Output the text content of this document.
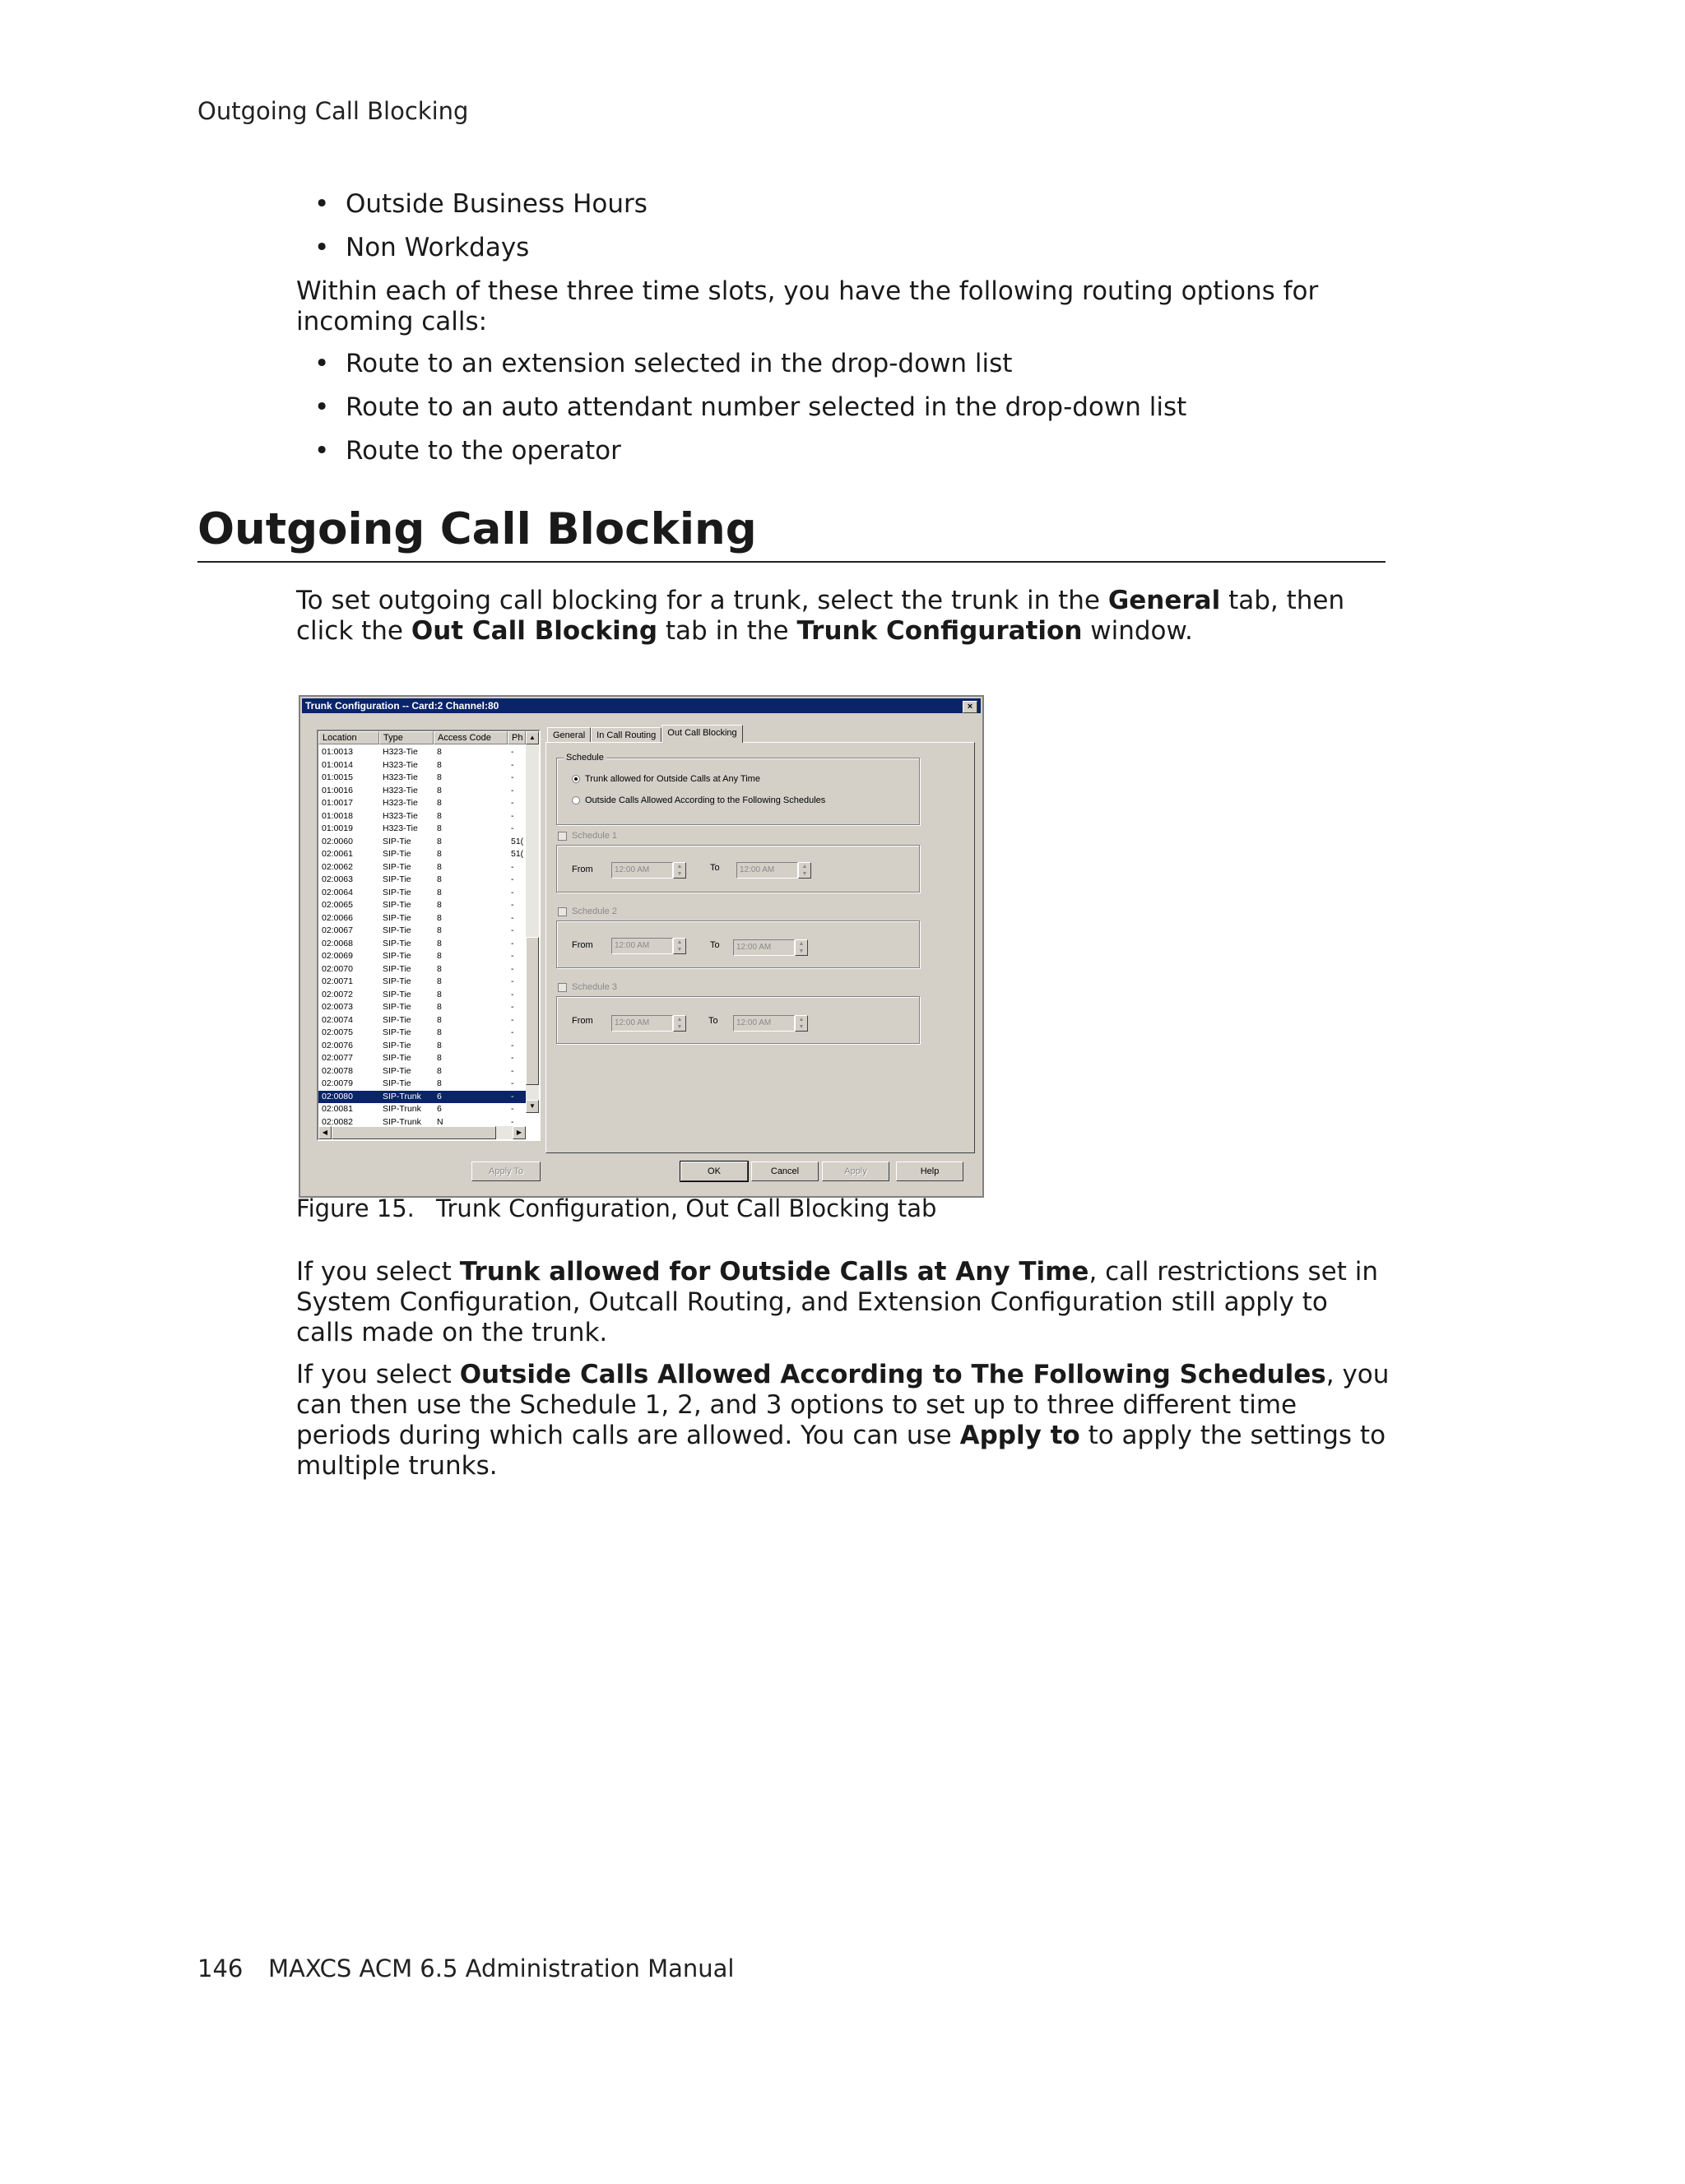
Outgoing Call Blocking
• Outside Business Hours
• Non Workdays
Within each of these three time slots, you have the following routing options for incoming calls:
• Route to an extension selected in the drop-down list
• Route to an auto attendant number selected in the drop-down list
• Route to the operator
Outgoing Call Blocking
To set outgoing call blocking for a trunk, select the trunk in the General tab, then click the Out Call Blocking tab in the Trunk Configuration window.
Trunk Configuration -- Card:2 Channel:80	×
Location	Type	Access Code	Ph
01:0013	H323-Tie	8	-
01:0014	H323-Tie	8	-
01:0015	H323-Tie	8	-
01:0016	H323-Tie	8	-
01:0017	H323-Tie	8	-
01:0018	H323-Tie	8	-
01:0019	H323-Tie	8	-
02:0060	SIP-Tie	8	51(
02:0061	SIP-Tie	8	51(
02:0062	SIP-Tie	8	-
02:0063	SIP-Tie	8	-
02:0064	SIP-Tie	8	-
02:0065	SIP-Tie	8	-
02:0066	SIP-Tie	8	-
02:0067	SIP-Tie	8	-
02:0068	SIP-Tie	8	-
02:0069	SIP-Tie	8	-
02:0070	SIP-Tie	8	-
02:0071	SIP-Tie	8	-
02:0072	SIP-Tie	8	-
02:0073	SIP-Tie	8	-
02:0074	SIP-Tie	8	-
02:0075	SIP-Tie	8	-
02:0076	SIP-Tie	8	-
02:0077	SIP-Tie	8	-
02:0078	SIP-Tie	8	-
02:0079	SIP-Tie	8	-
02:0080	SIP-Trunk	6	-
02:0081	SIP-Trunk	6	-
02:0082	SIP-Trunk	N	-
▲
▼
◀	▶
General	In Call Routing	Out Call Blocking
Schedule
Trunk allowed for Outside Calls at Any Time
Outside Calls Allowed According to the Following Schedules
Schedule 1
From	12:00 AM	▲
▼
To	12:00 AM	▲
▼
Schedule 2
From	12:00 AM	▲
▼	To	12:00 AM	▲
▼
Schedule 3
From	12:00 AM	▲
▼
To	12:00 AM	▲
▼
Apply To	OK	Cancel	Apply	Help
Figure 15. Trunk Configuration, Out Call Blocking tab
If you select Trunk allowed for Outside Calls at Any Time, call restrictions set in System Configuration, Outcall Routing, and Extension Configuration still apply to calls made on the trunk.
If you select Outside Calls Allowed According to The Following Schedules, you can then use the Schedule 1, 2, and 3 options to set up to three different time periods during which calls are allowed. You can use Apply to to apply the settings to multiple trunks.
146 MAXCS ACM 6.5 Administration Manual
